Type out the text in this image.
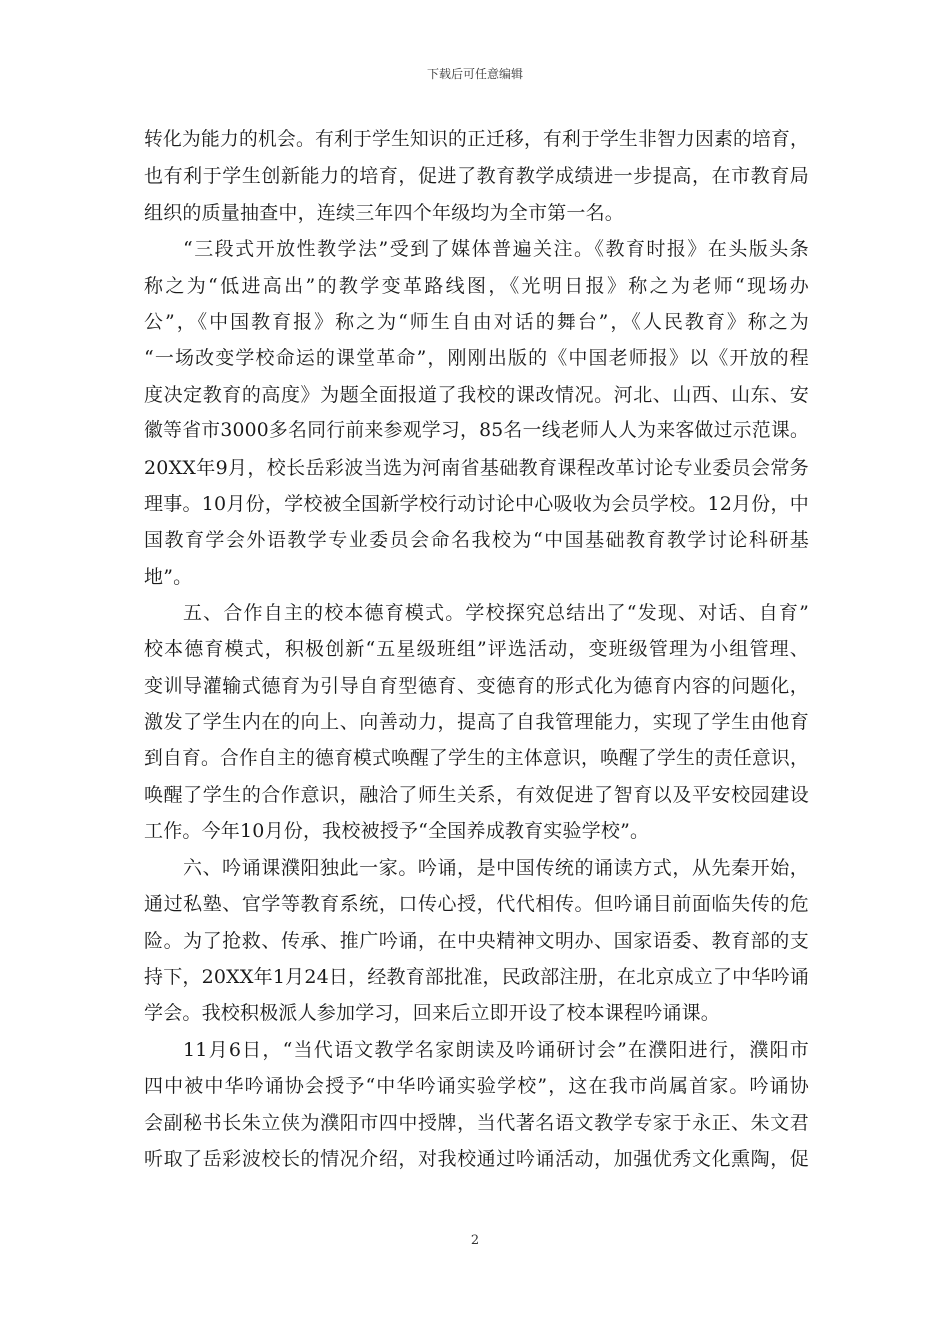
下载后可任意编辑
转化为能力的机会。有利于学生知识的正迁移，有利于学生非智力因素的培育，
也有利于学生创新能力的培育，促进了教育教学成绩进一步提高，在市教育局
组织的质量抽查中，连续三年四个年级均为全市第一名。
“三段式开放性教学法”受到了媒体普遍关注。《教育时报》在头版头条
称之为“低进高出”的教学变革路线图，《光明日报》称之为老师“现场办
公”，《中国教育报》称之为“师生自由对话的舞台”，《人民教育》称之为
“一场改变学校命运的课堂革命”，刚刚出版的《中国老师报》以《开放的程
度决定教育的高度》为题全面报道了我校的课改情况。河北、山西、山东、安
徽等省市3000多名同行前来参观学习，85名一线老师人人为来客做过示范课。
20XX年9月，校长岳彩波当选为河南省基础教育课程改革讨论专业委员会常务
理事。10月份，学校被全国新学校行动讨论中心吸收为会员学校。12月份，中
国教育学会外语教学专业委员会命名我校为“中国基础教育教学讨论科研基
地”。
五、合作自主的校本德育模式。学校探究总结出了“发现、对话、自育”
校本德育模式，积极创新“五星级班组”评选活动，变班级管理为小组管理、
变训导灌输式德育为引导自育型德育、变德育的形式化为德育内容的问题化，
激发了学生内在的向上、向善动力，提高了自我管理能力，实现了学生由他育
到自育。合作自主的德育模式唤醒了学生的主体意识，唤醒了学生的责任意识，
唤醒了学生的合作意识，融洽了师生关系，有效促进了智育以及平安校园建设
工作。今年10月份，我校被授予“全国养成教育实验学校”。
六、吟诵课濮阳独此一家。吟诵，是中国传统的诵读方式，从先秦开始，
通过私塾、官学等教育系统，口传心授，代代相传。但吟诵目前面临失传的危
险。为了抢救、传承、推广吟诵，在中央精神文明办、国家语委、教育部的支
持下，20XX年1月24日，经教育部批准，民政部注册，在北京成立了中华吟诵
学会。我校积极派人参加学习，回来后立即开设了校本课程吟诵课。
11月6日，“当代语文教学名家朗读及吟诵研讨会”在濮阳进行，濮阳市
四中被中华吟诵协会授予“中华吟诵实验学校”，这在我市尚属首家。吟诵协
会副秘书长朱立侠为濮阳市四中授牌，当代著名语文教学专家于永正、朱文君
听取了岳彩波校长的情况介绍，对我校通过吟诵活动，加强优秀文化熏陶，促
2
